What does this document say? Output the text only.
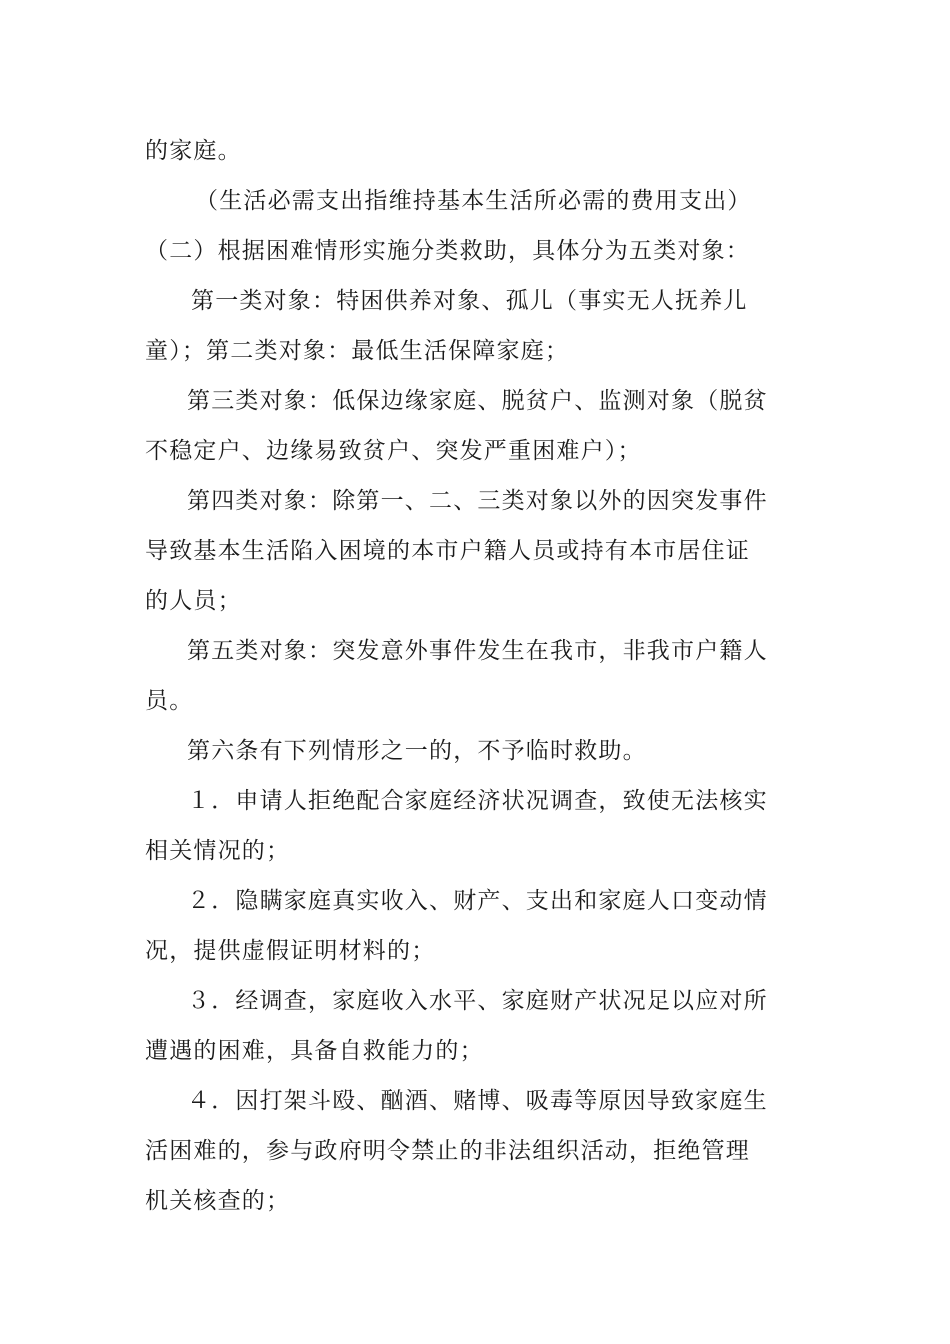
的家庭。
（生活必需支出指维持基本生活所必需的费用支出）
（二）根据困难情形实施分类救助，具体分为五类对象：
第一类对象：特困供养对象、孤儿（事实无人抚养儿
童）；第二类对象：最低生活保障家庭；
第三类对象：低保边缘家庭、脱贫户、监测对象（脱贫
不稳定户、边缘易致贫户、突发严重困难户）；
第四类对象：除第一、二、三类对象以外的因突发事件
导致基本生活陷入困境的本市户籍人员或持有本市居住证
的人员；
第五类对象：突发意外事件发生在我市，非我市户籍人
员。
第六条有下列情形之一的，不予临时救助。
１．申请人拒绝配合家庭经济状况调查，致使无法核实
相关情况的；
２．隐瞒家庭真实收入、财产、支出和家庭人口变动情
况，提供虚假证明材料的；
３．经调查，家庭收入水平、家庭财产状况足以应对所
遭遇的困难，具备自救能力的；
４．因打架斗殴、酗酒、赌博、吸毒等原因导致家庭生
活困难的，参与政府明令禁止的非法组织活动，拒绝管理
机关核查的；
